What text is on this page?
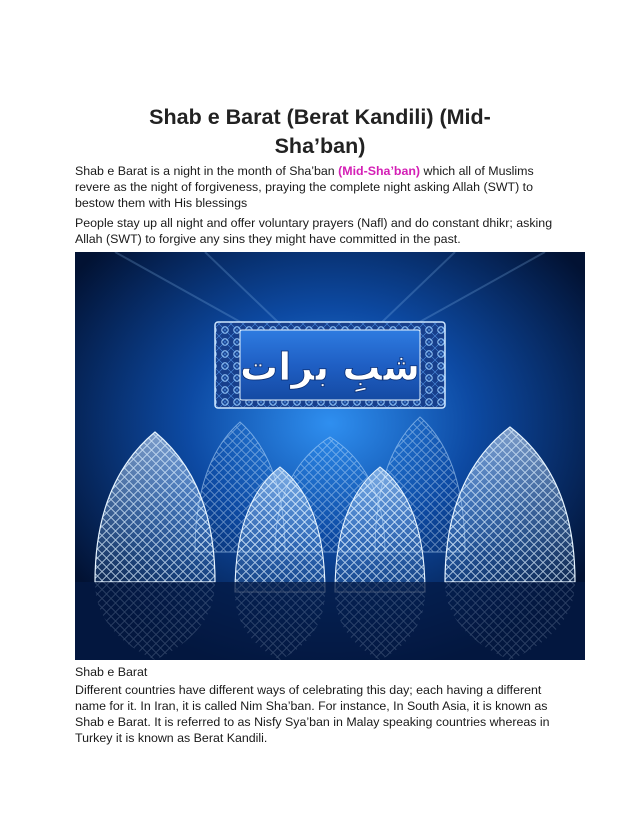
Shab e Barat (Berat Kandili) (Mid-Sha’ban)

Shab e Barat is a night in the month of Sha’ban (Mid-Sha’ban) which all of Muslims revere as the night of forgiveness, praying the complete night asking Allah (SWT) to bestow them with His blessings

People stay up all night and offer voluntary prayers (Nafl) and do constant dhikr; asking Allah (SWT) to forgive any sins they might have committed in the past.

شبِ برات

Shab e Barat

Different countries have different ways of celebrating this day; each having a different name for it. In Iran, it is called Nim Sha’ban. For instance, In South Asia, it is known as Shab e Barat. It is referred to as Nisfy Sya’ban in Malay speaking countries whereas in Turkey it is known as Berat Kandili.
